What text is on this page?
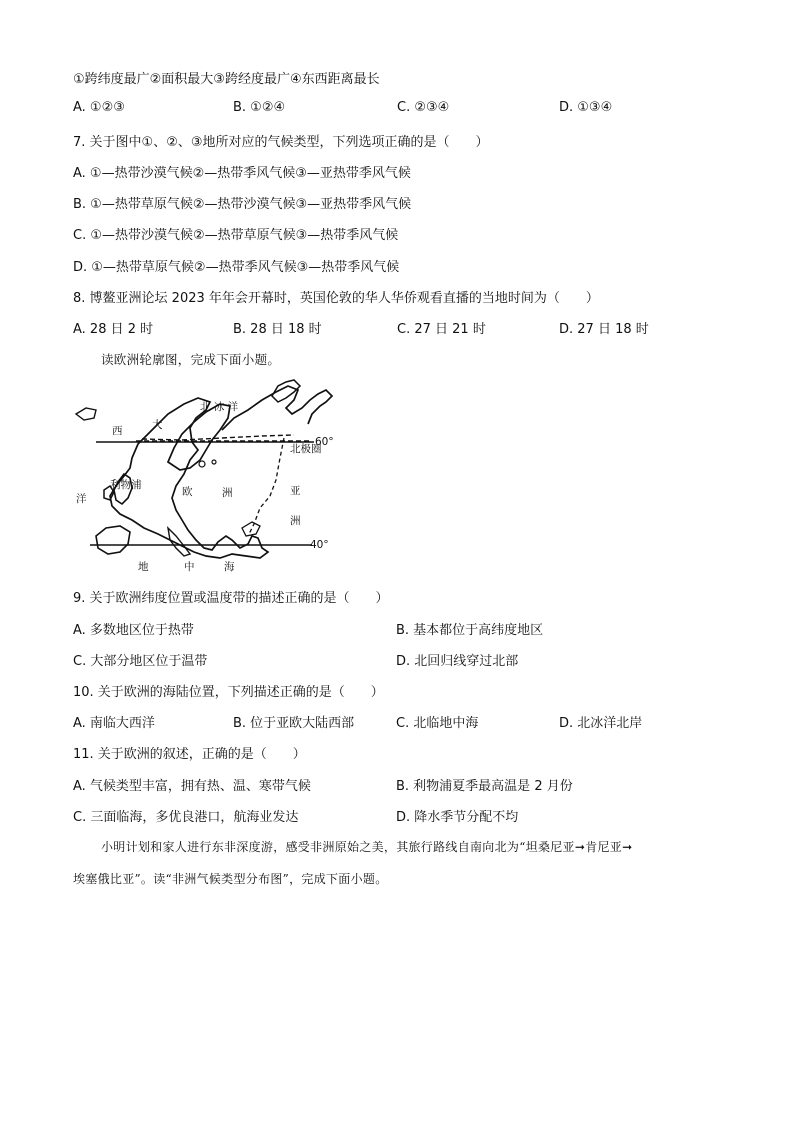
①跨纬度最广②面积最大③跨经度最广④东西距离最长
A. ①②③	B. ①②④	C. ②③④	D. ①③④
7. 关于图中①、②、③地所对应的气候类型，下列选项正确的是（　　）
A. ①—热带沙漠气候②—热带季风气候③—亚热带季风气候
B. ①—热带草原气候②—热带沙漠气候③—亚热带季风气候
C. ①—热带沙漠气候②—热带草原气候③—热带季风气候
D. ①—热带草原气候②—热带季风气候③—热带季风气候
8. 博鳌亚洲论坛 2023 年年会开幕时，英国伦敦的华人华侨观看直播的当地时间为（　　）
A. 28 日 2 时	B. 28 日 18 时	C. 27 日 21 时	D. 27 日 18 时
读欧洲轮廓图，完成下面小题。
北 冰 洋
大
西
洋
北极圈
60°
利物浦
欧	洲	亚
洲
40°
地	中	海
9. 关于欧洲纬度位置或温度带的描述正确的是（　　）
A. 多数地区位于热带	B. 基本都位于高纬度地区
C. 大部分地区位于温带	D. 北回归线穿过北部
10. 关于欧洲的海陆位置，下列描述正确的是（　　）
A. 南临大西洋	B. 位于亚欧大陆西部	C. 北临地中海	D. 北冰洋北岸
11. 关于欧洲的叙述，正确的是（　　）
A. 气候类型丰富，拥有热、温、寒带气候	B. 利物浦夏季最高温是 2 月份
C. 三面临海，多优良港口，航海业发达	D. 降水季节分配不均
小明计划和家人进行东非深度游，感受非洲原始之美，其旅行路线自南向北为“坦桑尼亚➞肯尼亚➞
埃塞俄比亚”。读“非洲气候类型分布图”，完成下面小题。
